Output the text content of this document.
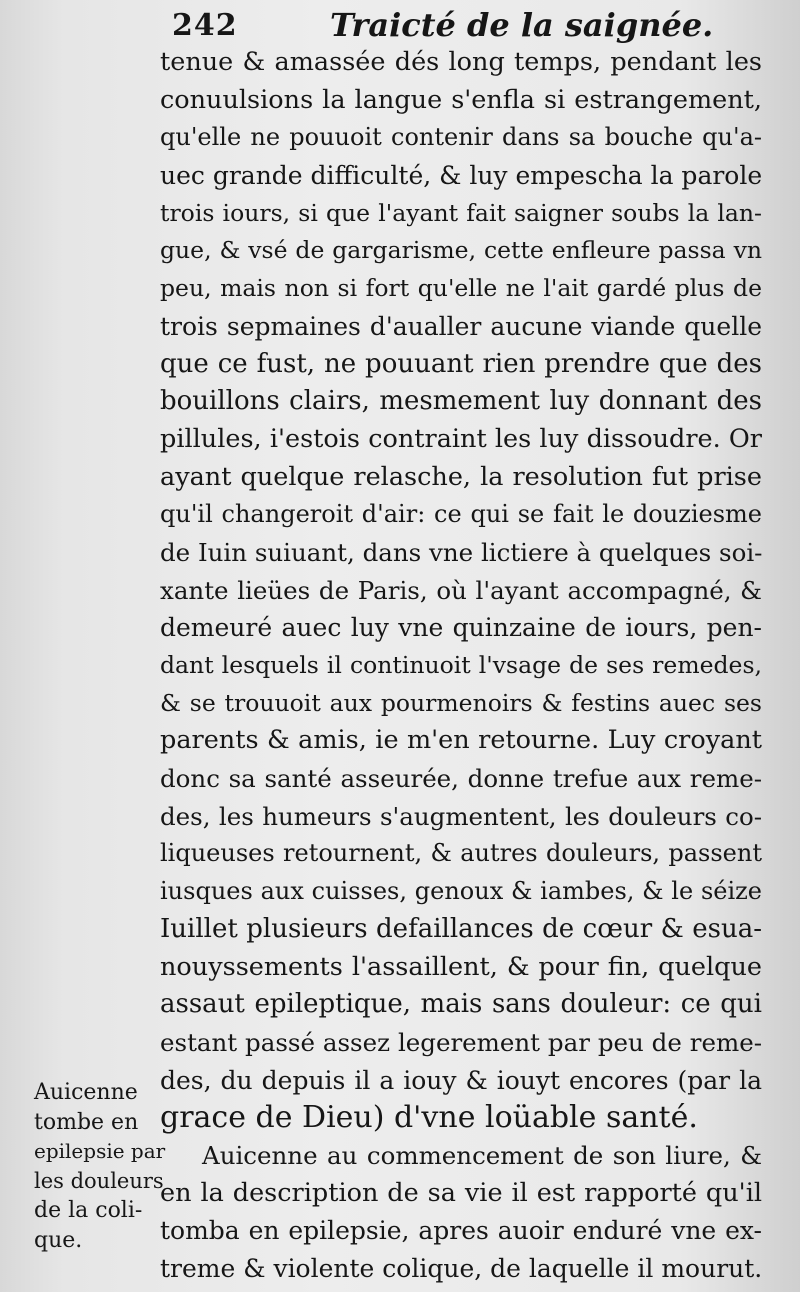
242	Traicté de la saignée.
tenue & amassée dés long temps, pendant les
conuulsions la langue s'enfla si estrangement,
qu'elle ne pouuoit contenir dans sa bouche qu'a-
uec grande difficulté, & luy empescha la parole
trois iours, si que l'ayant fait saigner soubs la lan-
gue, & vsé de gargarisme, cette enfleure passa vn
peu, mais non si fort qu'elle ne l'ait gardé plus de
trois sepmaines d'aualler aucune viande quelle
que ce fust, ne pouuant rien prendre que des
bouillons clairs, mesmement luy donnant des
pillules, i'estois contraint les luy dissoudre. Or
ayant quelque relasche, la resolution fut prise
qu'il changeroit d'air: ce qui se fait le douziesme
de Iuin suiuant, dans vne lictiere à quelques soi-
xante lieües de Paris, où l'ayant accompagné, &
demeuré auec luy vne quinzaine de iours, pen-
dant lesquels il continuoit l'vsage de ses remedes,
& se trouuoit aux pourmenoirs & festins auec ses
parents & amis, ie m'en retourne. Luy croyant
donc sa santé asseurée, donne trefue aux reme-
des, les humeurs s'augmentent, les douleurs co-
liqueuses retournent, & autres douleurs, passent
iusques aux cuisses, genoux & iambes, & le séize
Iuillet plusieurs defaillances de cœur & esua-
nouyssements l'assaillent, & pour fin, quelque
assaut epileptique, mais sans douleur: ce qui
estant passé assez legerement par peu de reme-
des, du depuis il a iouy & iouyt encores (par la
grace de Dieu) d'vne loüable santé.
Auicenne au commencement de son liure, &
en la description de sa vie il est rapporté qu'il
tomba en epilepsie, apres auoir enduré vne ex-
treme & violente colique, de laquelle il mourut.
Auicenne
tombe en
epilepsie par
les douleurs
de la coli-
que.
